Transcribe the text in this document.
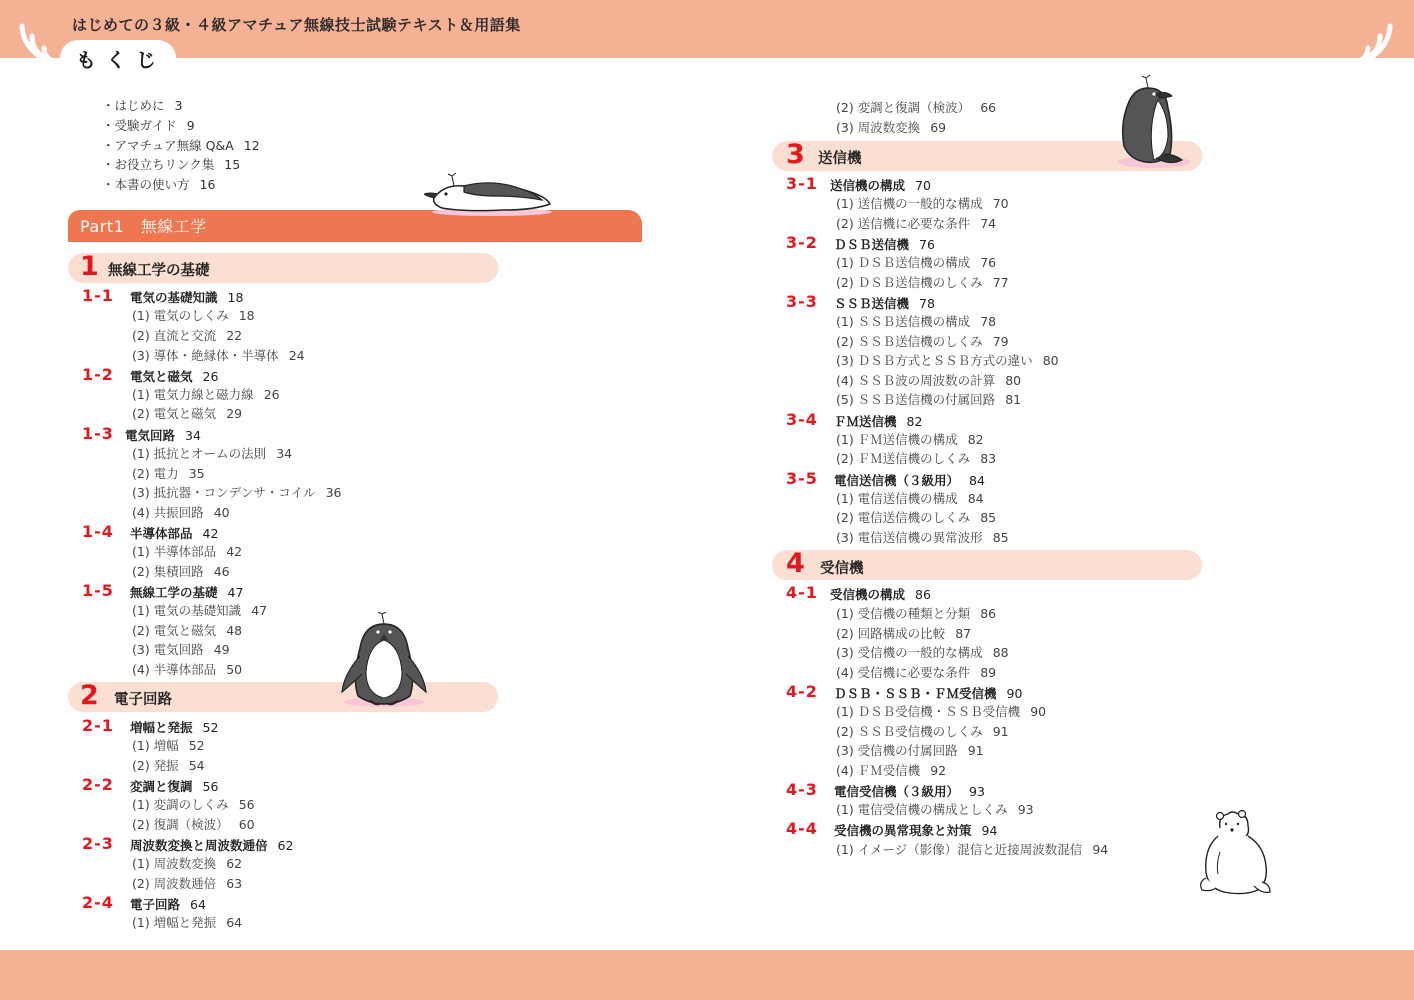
はじめての３級・４級アマチュア無線技士試験テキスト＆用語集
もくじ
・はじめに 3
・受験ガイド 9
・アマチュア無線 Q&A 12
・お役立ちリンク集 15
・本書の使い方 16
Part1　無線工学
1 無線工学の基礎
2 電子回路
3 送信機
4 受信機
1-1 電気の基礎知識 18
(1) 電気のしくみ 18
(2) 直流と交流 22
(3) 導体・絶縁体・半導体 24
1-2 電気と磁気 26
(1) 電気力線と磁力線 26
(2) 電気と磁気 29
1-3 電気回路 34
(1) 抵抗とオームの法則 34
(2) 電力 35
(3) 抵抗器・コンデンサ・コイル 36
(4) 共振回路 40
1-4 半導体部品 42
(1) 半導体部品 42
(2) 集積回路 46
1-5 無線工学の基礎 47
(1) 電気の基礎知識 47
(2) 電気と磁気 48
(3) 電気回路 49
(4) 半導体部品 50
2-1 増幅と発振 52
(1) 増幅 52
(2) 発振 54
2-2 変調と復調 56
(1) 変調のしくみ 56
(2) 復調（検波） 60
2-3 周波数変換と周波数逓倍 62
(1) 周波数変換 62
(2) 周波数逓倍 63
2-4 電子回路 64
(1) 増幅と発振 64
(2) 変調と復調（検波） 66
(3) 周波数変換 69
3-1 送信機の構成 70
(1) 送信機の一般的な構成 70
(2) 送信機に必要な条件 74
3-2 ＤＳＢ送信機 76
(1) ＤＳＢ送信機の構成 76
(2) ＤＳＢ送信機のしくみ 77
3-3 ＳＳＢ送信機 78
(1) ＳＳＢ送信機の構成 78
(2) ＳＳＢ送信機のしくみ 79
(3) ＤＳＢ方式とＳＳＢ方式の違い 80
(4) ＳＳＢ波の周波数の計算 80
(5) ＳＳＢ送信機の付属回路 81
3-4 ＦＭ送信機 82
(1) ＦＭ送信機の構成 82
(2) ＦＭ送信機のしくみ 83
3-5 電信送信機（３級用） 84
(1) 電信送信機の構成 84
(2) 電信送信機のしくみ 85
(3) 電信送信機の異常波形 85
4-1 受信機の構成 86
(1) 受信機の種類と分類 86
(2) 回路構成の比較 87
(3) 受信機の一般的な構成 88
(4) 受信機に必要な条件 89
4-2 ＤＳＢ・ＳＳＢ・ＦＭ受信機 90
(1) ＤＳＢ受信機・ＳＳＢ受信機 90
(2) ＳＳＢ受信機のしくみ 91
(3) 受信機の付属回路 91
(4) ＦＭ受信機 92
4-3 電信受信機（３級用） 93
(1) 電信受信機の構成としくみ 93
4-4 受信機の異常現象と対策 94
(1) イメージ（影像）混信と近接周波数混信 94
